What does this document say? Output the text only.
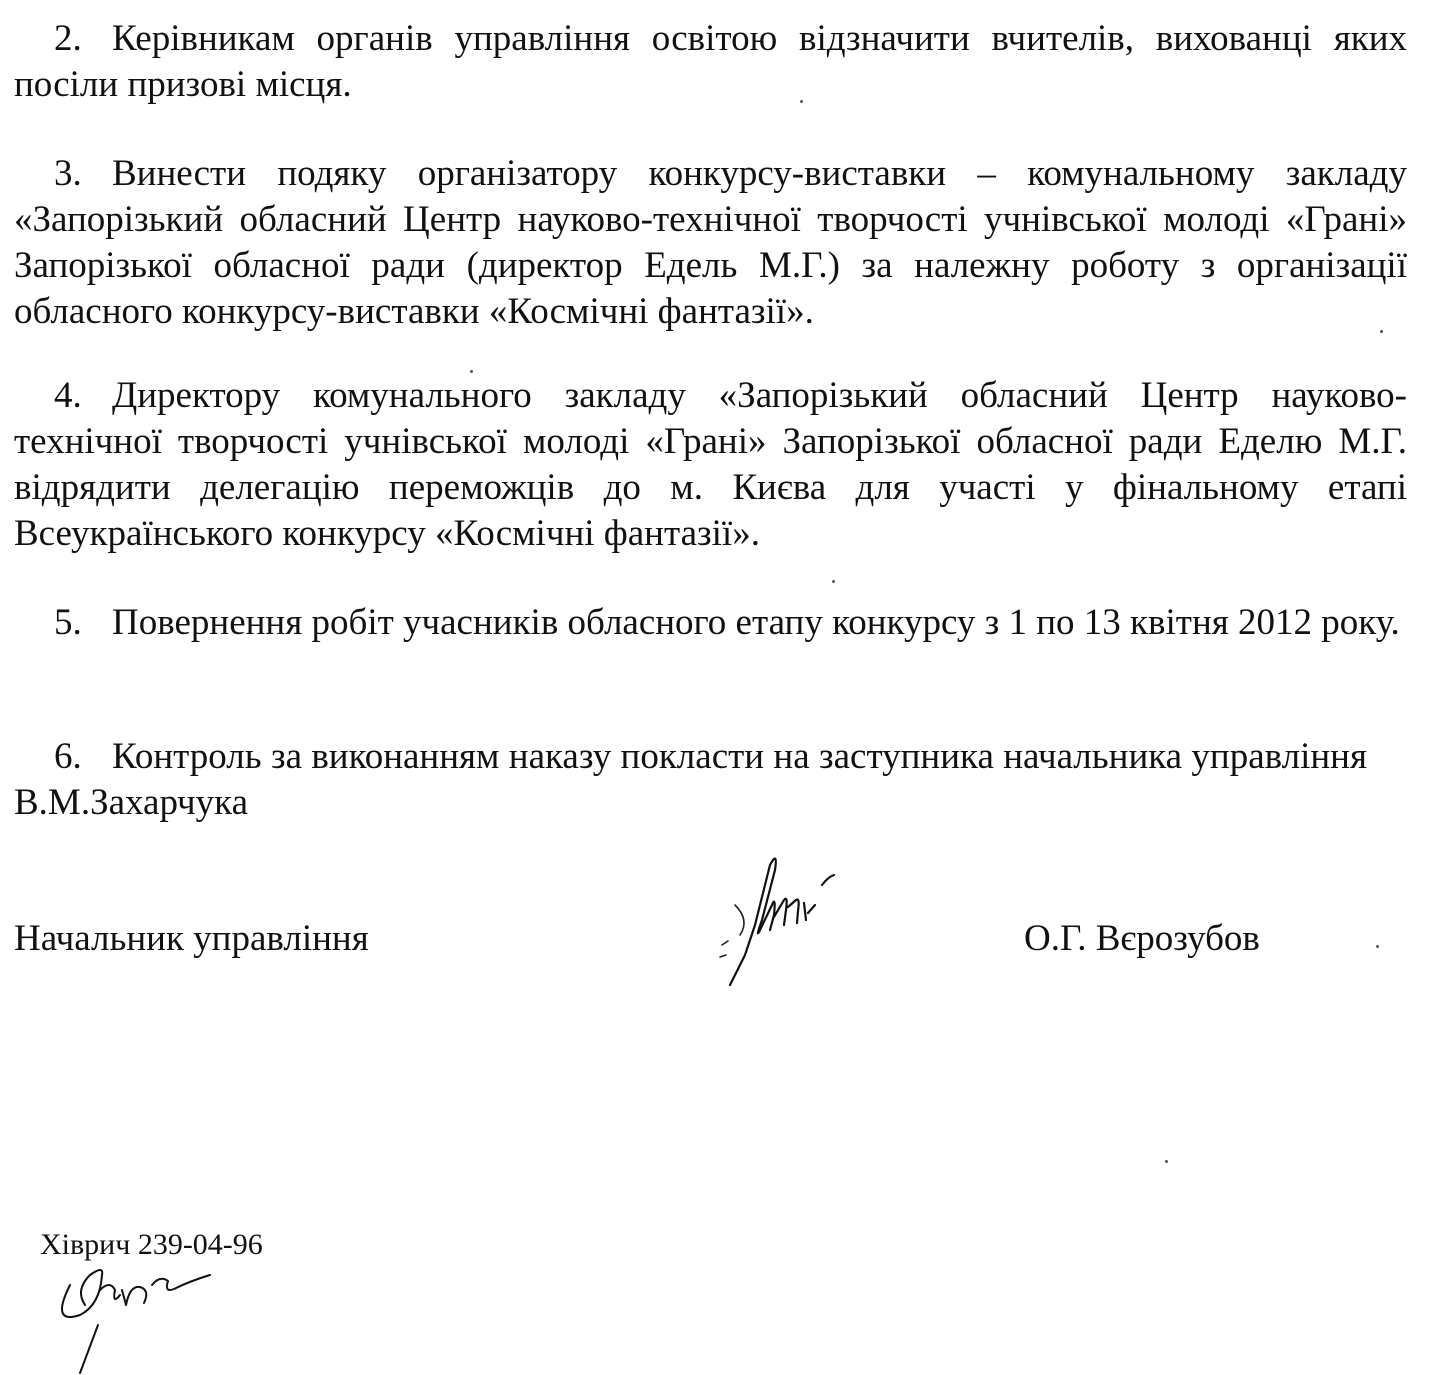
2. Керівникам органів управління освітою відзначити вчителів, вихованці яких посіли призові місця.

3. Винести подяку організатору конкурсу-виставки – комунальному закладу «Запорізький обласний Центр науково-технічної творчості учнівської молоді «Грані» Запорізької обласної ради (директор Едель М.Г.) за належну роботу з організації обласного конкурсу-виставки «Космічні фантазії».

4. Директору комунального закладу «Запорізький обласний Центр науково-технічної творчості учнівської молоді «Грані» Запорізької обласної ради Еделю М.Г. відрядити делегацію переможців до м. Києва для участі у фінальному етапі Всеукраїнського конкурсу «Космічні фантазії».

5. Повернення робіт учасників обласного етапу конкурсу з 1 по 13 квітня 2012 року.

6. Контроль за виконанням наказу покласти на заступника начальника управлінняВ.М.Захарчука

Начальник управління	О.Г. Вєрозубов
Хіврич 239-04-96
